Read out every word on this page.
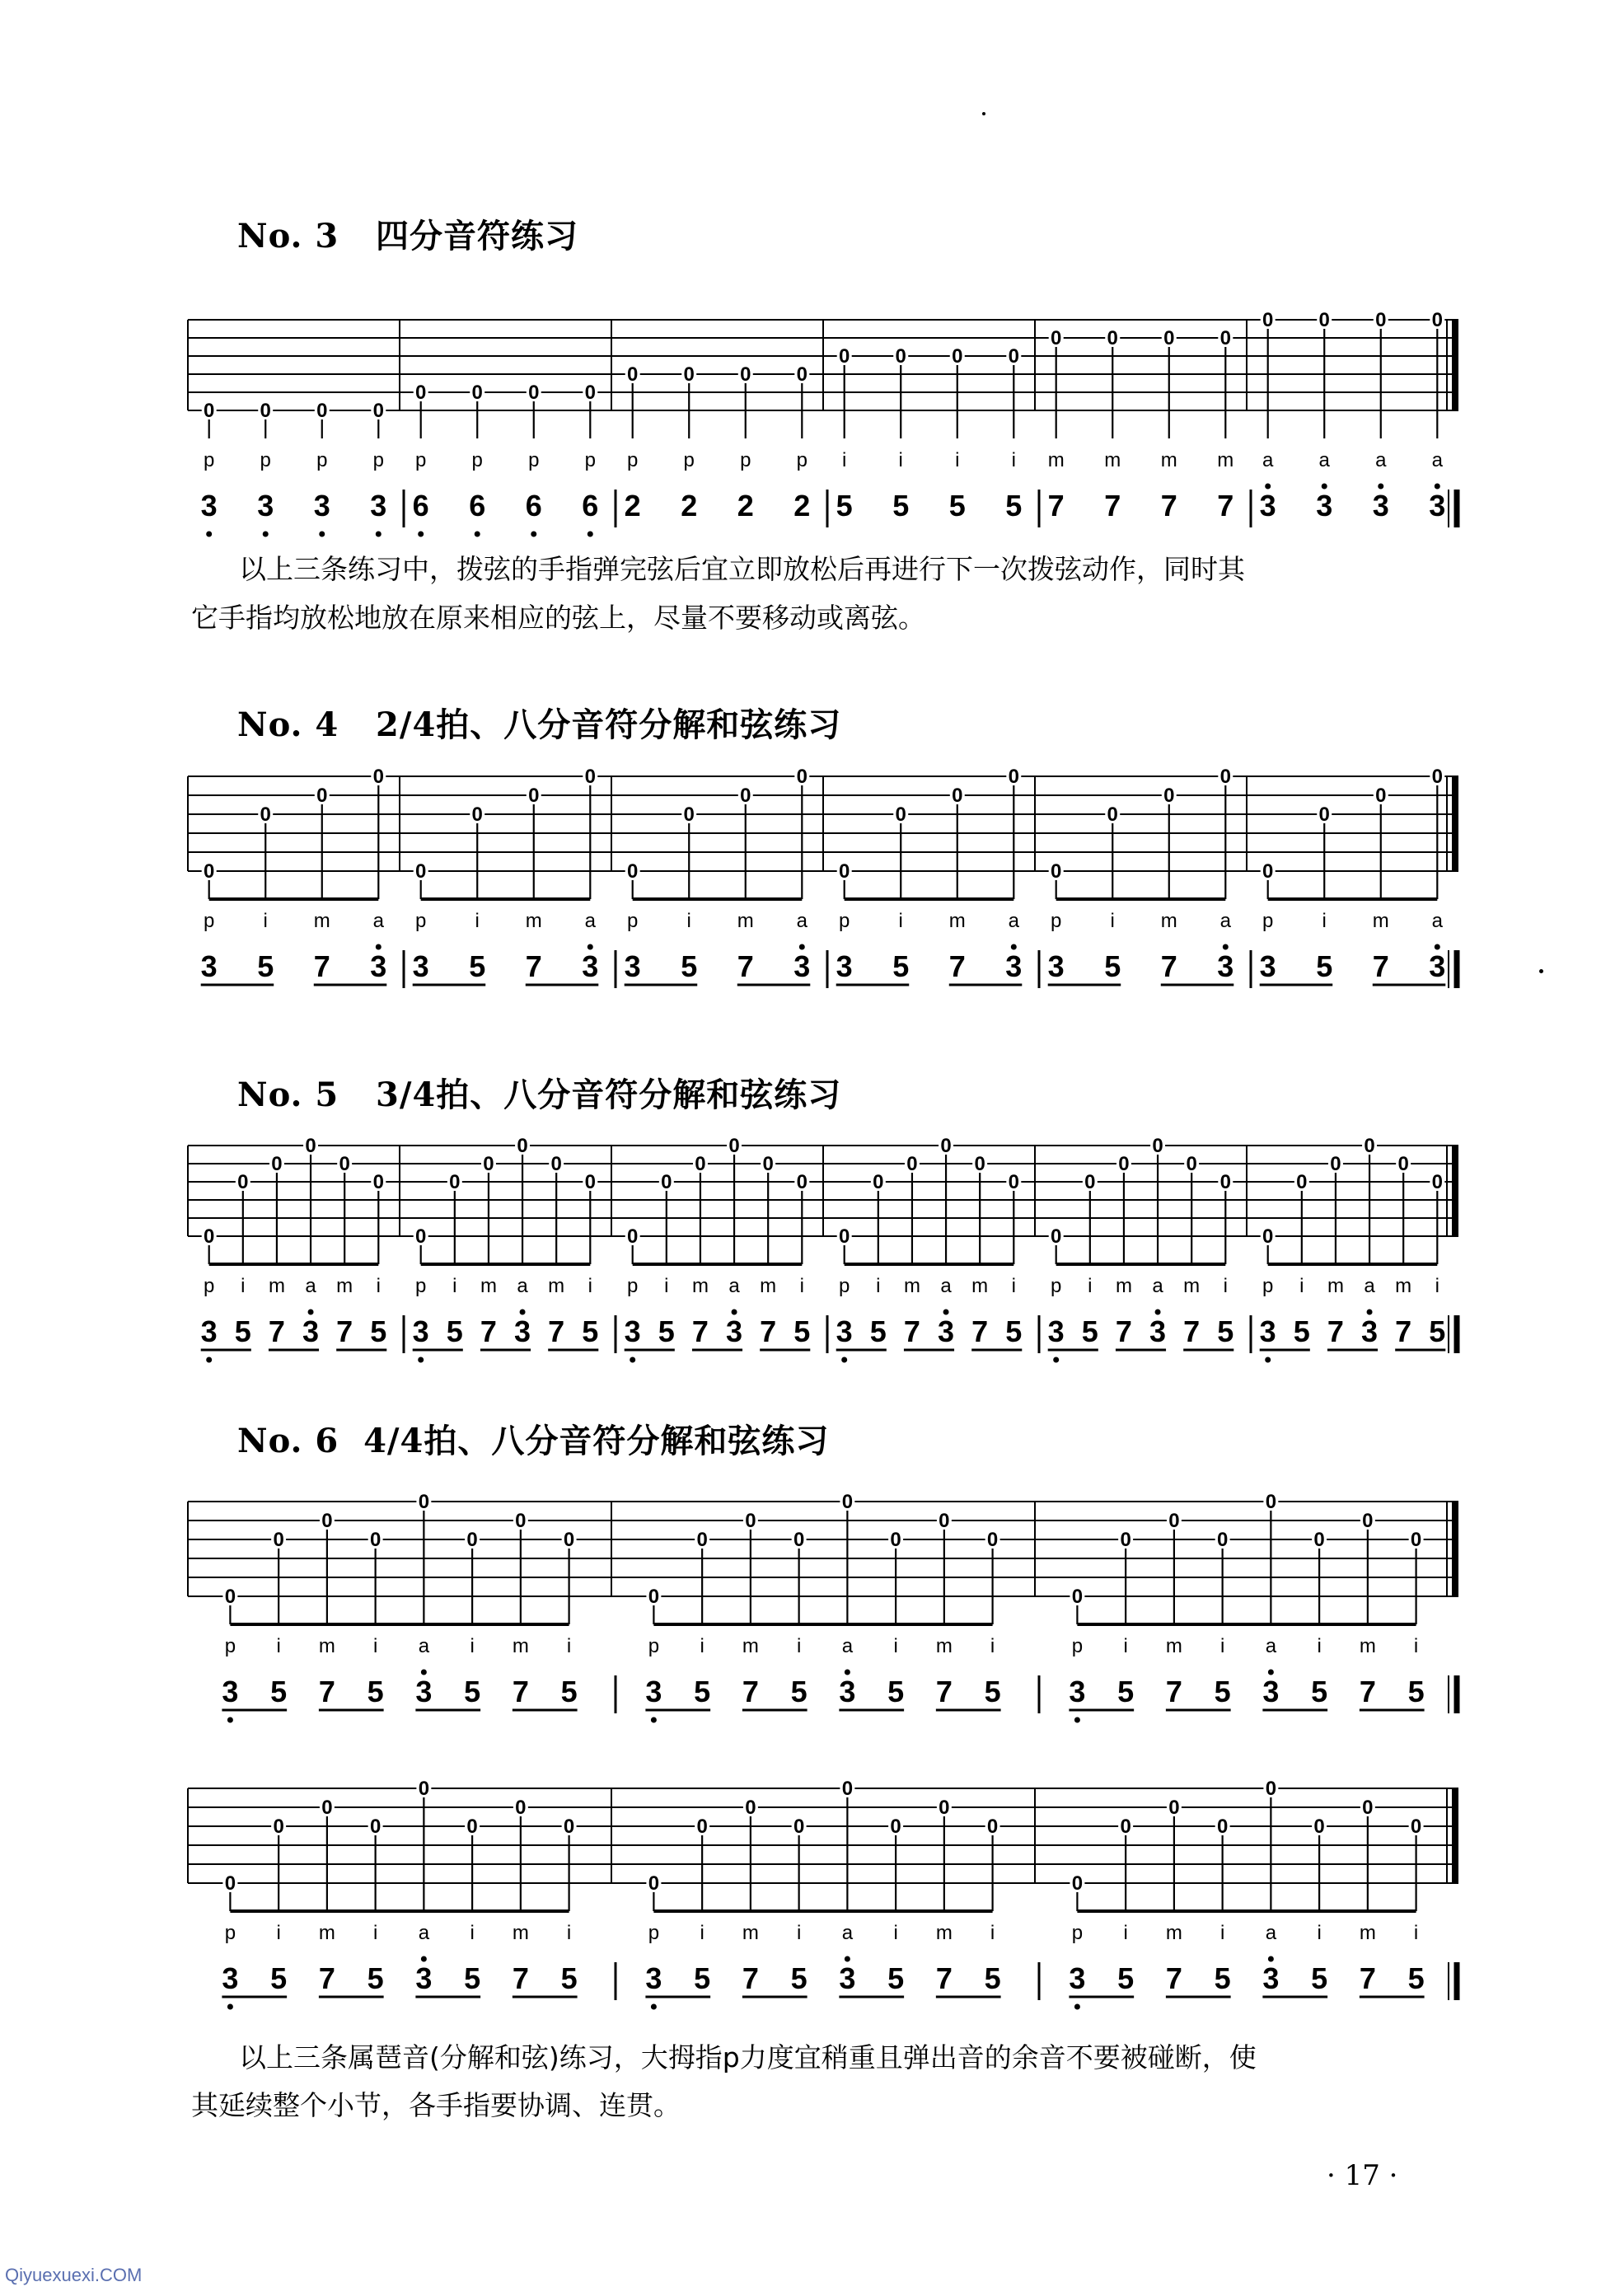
No. 3   四分音符练习
No. 4   2/4拍、八分音符分解和弦练习
No. 5   3/4拍、八分音符分解和弦练习
No. 6  4/4拍、八分音符分解和弦练习
0
p
3
0
p
3
0
p
3
0
p
3
0
p
6
0
p
6
0
p
6
0
p
6
0
p
2
0
p
2
0
p
2
0
p
2
0
i
5
0
i
5
0
i
5
0
i
5
0
m
7
0
m
7
0
m
7
0
m
7
0
a
3
0
a
3
0
a
3
0
a
3
0
p
3
0
i
5
0
m
7
0
a
3
0
p
3
0
i
5
0
m
7
0
a
3
0
p
3
0
i
5
0
m
7
0
a
3
0
p
3
0
i
5
0
m
7
0
a
3
0
p
3
0
i
5
0
m
7
0
a
3
0
p
3
0
i
5
0
m
7
0
a
3
0
p
3
0
i
5
0
m
7
0
a
3
0
m
7
0
i
5
0
p
3
0
i
5
0
m
7
0
a
3
0
m
7
0
i
5
0
p
3
0
i
5
0
m
7
0
a
3
0
m
7
0
i
5
0
p
3
0
i
5
0
m
7
0
a
3
0
m
7
0
i
5
0
p
3
0
i
5
0
m
7
0
a
3
0
m
7
0
i
5
0
p
3
0
i
5
0
m
7
0
a
3
0
m
7
0
i
5
0
p
3
0
i
5
0
m
7
0
i
5
0
a
3
0
i
5
0
m
7
0
i
5
0
p
3
0
i
5
0
m
7
0
i
5
0
a
3
0
i
5
0
m
7
0
i
5
0
p
3
0
i
5
0
m
7
0
i
5
0
a
3
0
i
5
0
m
7
0
i
5
0
p
3
0
i
5
0
m
7
0
i
5
0
a
3
0
i
5
0
m
7
0
i
5
0
p
3
0
i
5
0
m
7
0
i
5
0
a
3
0
i
5
0
m
7
0
i
5
0
p
3
0
i
5
0
m
7
0
i
5
0
a
3
0
i
5
0
m
7
0
i
5
以上三条练习中，拨弦的手指弹完弦后宜立即放松后再进行下一次拨弦动作，同时其
它手指均放松地放在原来相应的弦上，尽量不要移动或离弦。
以上三条属琶音(分解和弦)练习，大拇指p力度宜稍重且弹出音的余音不要被碰断，使
其延续整个小节，各手指要协调、连贯。
· 17 ·
Qiyuexuexi.COM
